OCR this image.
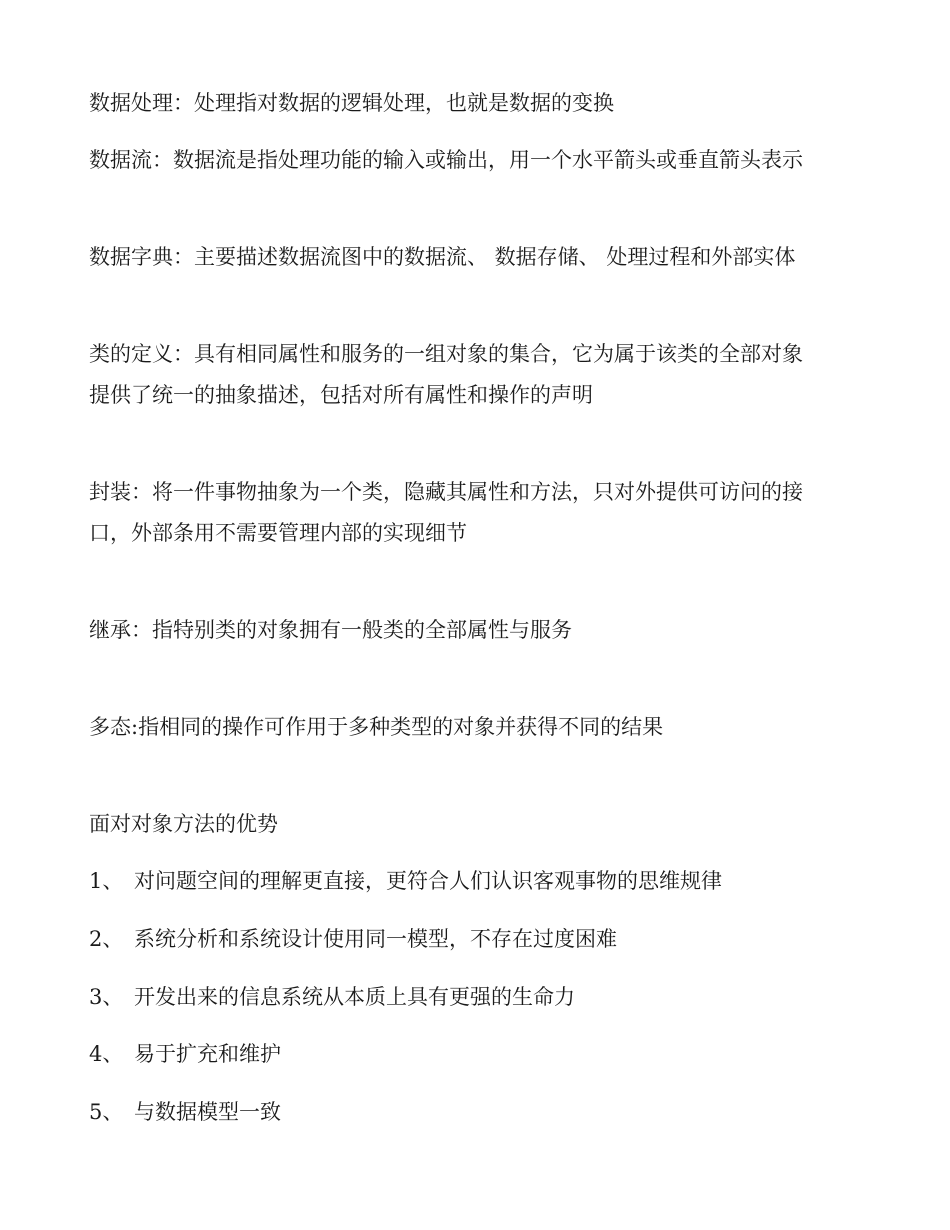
数据处理：处理指对数据的逻辑处理，也就是数据的变换
数据流：数据流是指处理功能的输入或输出，用一个水平箭头或垂直箭头表示
数据字典：主要描述数据流图中的数据流、 数据存储、 处理过程和外部实体
类的定义：具有相同属性和服务的一组对象的集合，它为属于该类的全部对象
提供了统一的抽象描述，包括对所有属性和操作的声明
封装：将一件事物抽象为一个类，隐藏其属性和方法，只对外提供可访问的接
口，外部条用不需要管理内部的实现细节
继承：指特别类的对象拥有一般类的全部属性与服务
多态:指相同的操作可作用于多种类型的对象并获得不同的结果
面对对象方法的优势
1、 对问题空间的理解更直接，更符合人们认识客观事物的思维规律
2、 系统分析和系统设计使用同一模型，不存在过度困难
3、 开发出来的信息系统从本质上具有更强的生命力
4、 易于扩充和维护
5、 与数据模型一致
